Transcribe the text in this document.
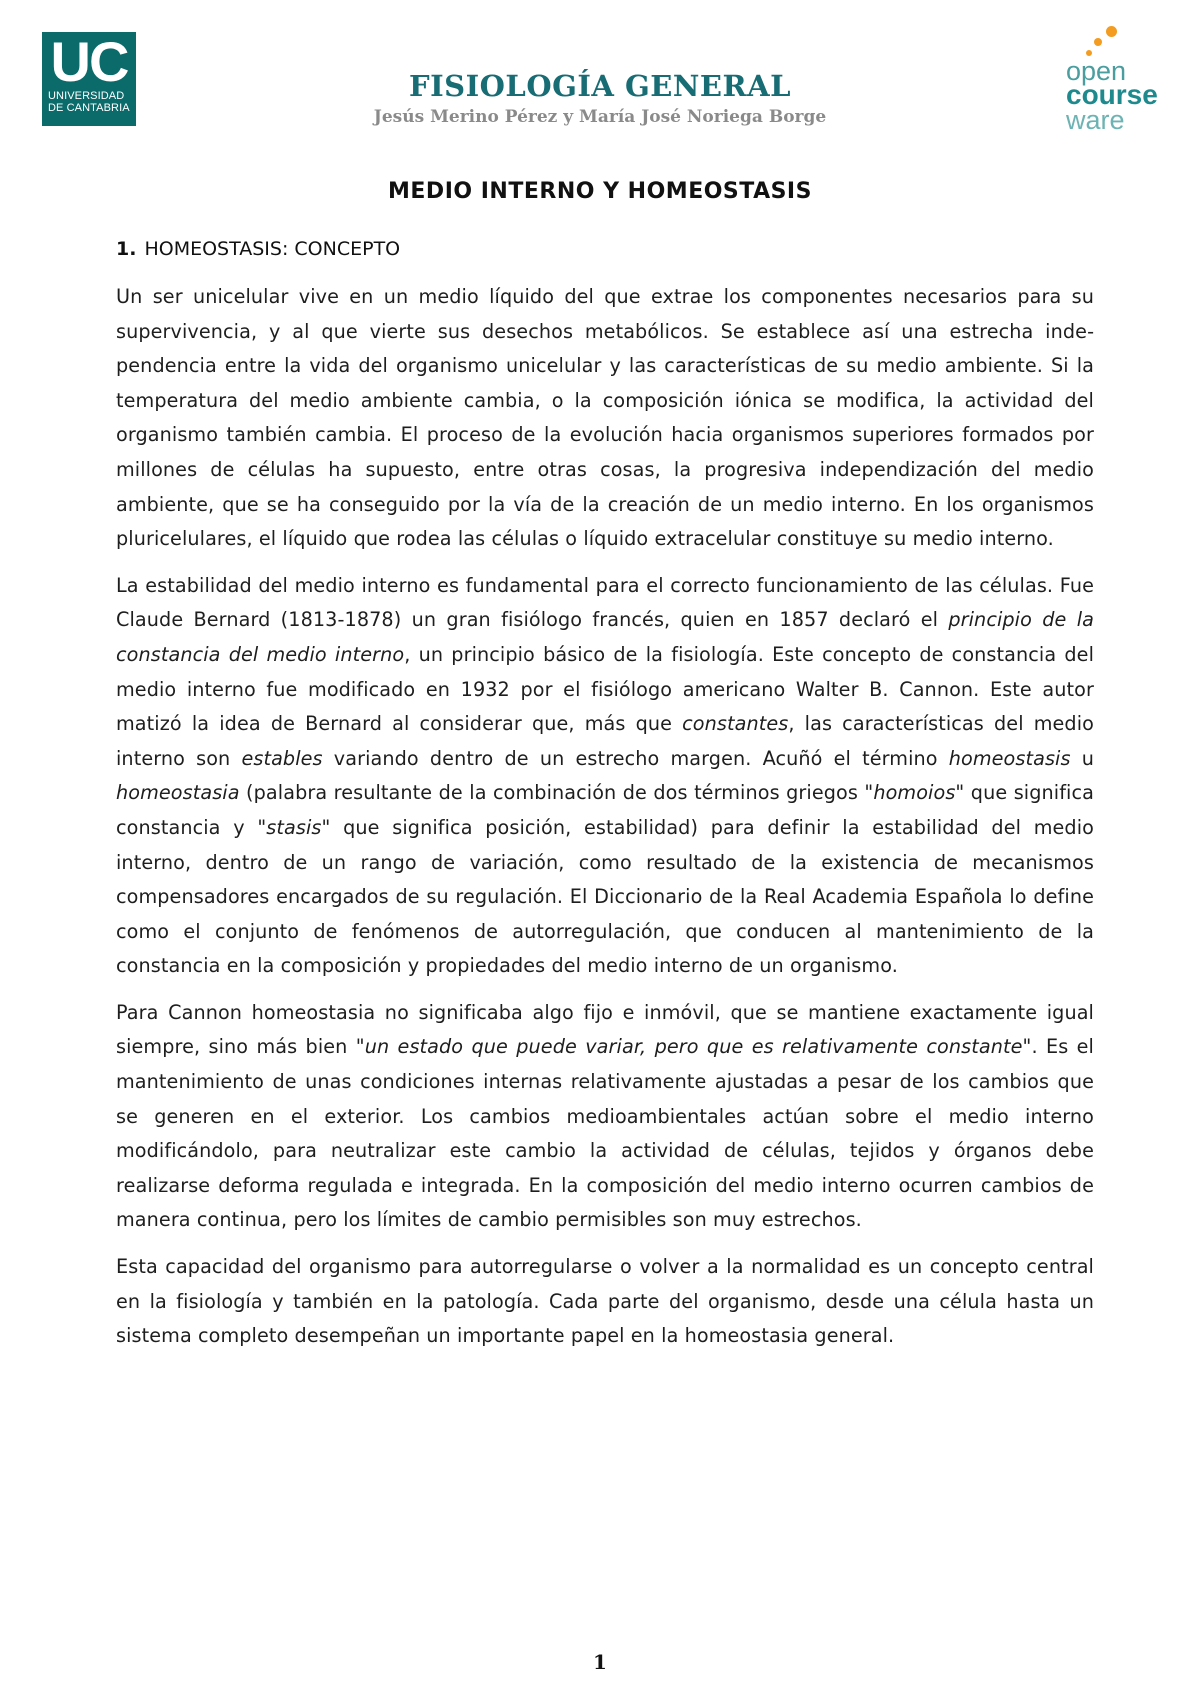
UC
UNIVERSIDAD
DE CANTABRIA
FISIOLOGÍA GENERAL
Jesús Merino Pérez y María José Noriega Borge
open
course
ware
MEDIO INTERNO Y HOMEOSTASIS
1. HOMEOSTASIS: CONCEPTO

Un ser unicelular vive en un medio líquido del que extrae los componentes necesarios para su supervivencia, y al que vierte sus desechos metabólicos. Se establece así una estrecha independencia entre la vida del organismo unicelular y las características de su medio ambiente. Si la temperatura del medio ambiente cambia, o la composición iónica se modifica, la actividad del organismo también cambia. El proceso de la evolución hacia organismos superiores formados por millones de células ha supuesto, entre otras cosas, la progresiva independización del medio ambiente, que se ha conseguido por la vía de la creación de un medio interno. En los organismos pluricelulares, el líquido que rodea las células o líquido extracelular constituye su medio interno.

La estabilidad del medio interno es fundamental para el correcto funcionamiento de las células. Fue Claude Bernard (1813-1878) un gran fisiólogo francés, quien en 1857 declaró el principio de la constancia del medio interno, un principio básico de la fisiología. Este concepto de constancia del medio interno fue modificado en 1932 por el fisiólogo americano Walter B. Cannon. Este autor matizó la idea de Bernard al considerar que, más que constantes, las características del medio interno son estables variando dentro de un estrecho margen. Acuñó el término homeostasis u homeostasia (palabra resultante de la combinación de dos términos griegos "homoios" que significa constancia y "stasis" que significa posición, estabilidad) para definir la estabilidad del medio interno, dentro de un rango de variación, como resultado de la existencia de mecanismos compensadores encargados de su regulación. El Diccionario de la Real Academia Española lo define como el conjunto de fenómenos de autorregulación, que conducen al mantenimiento de la constancia en la composición y propiedades del medio interno de un organismo.

Para Cannon homeostasia no significaba algo fijo e inmóvil, que se mantiene exactamente igual siempre, sino más bien "un estado que puede variar, pero que es relativamente constante". Es el mantenimiento de unas condiciones internas relativamente ajustadas a pesar de los cambios que se generen en el exterior. Los cambios medioambientales actúan sobre el medio interno modificándolo, para neutralizar este cambio la actividad de células, tejidos y órganos debe realizarse deforma regulada e integrada. En la composición del medio interno ocurren cambios de manera continua, pero los límites de cambio permisibles son muy estrechos.

Esta capacidad del organismo para autorregularse o volver a la normalidad es un concepto central en la fisiología y también en la patología. Cada parte del organismo, desde una célula hasta un sistema completo desempeñan un importante papel en la homeostasia general.

1
